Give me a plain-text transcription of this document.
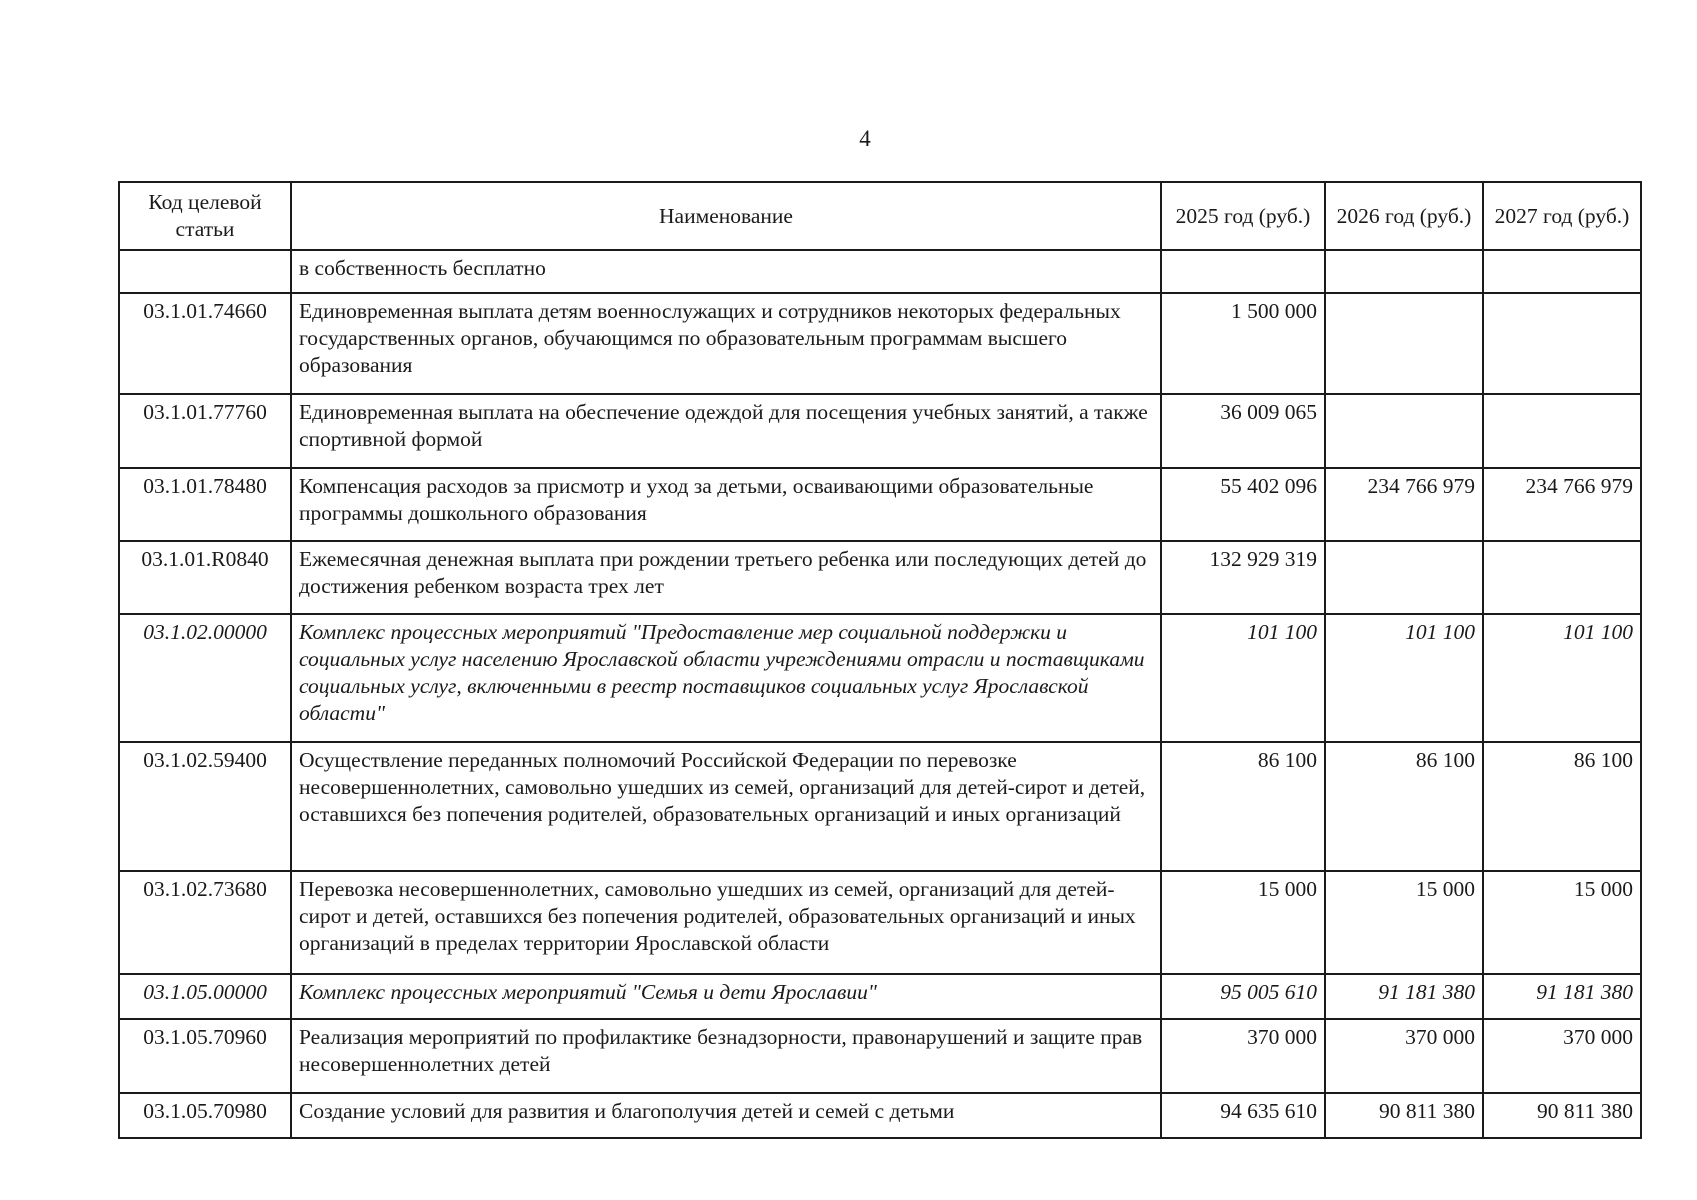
4
Код целевой статьи	Наименование	2025 год (руб.)	2026 год (руб.)	2027 год (руб.)
	в собственность бесплатно			
03.1.01.74660	Единовременная выплата детям военнослужащих и сотрудников некоторых федеральных государственных органов, обучающимся по образовательным программам высшего образования	1 500 000		
03.1.01.77760	Единовременная выплата на обеспечение одеждой для посещения учебных занятий, а также спортивной формой	36 009 065		
03.1.01.78480	Компенсация расходов за присмотр и уход за детьми, осваивающими образовательные программы дошкольного образования	55 402 096	234 766 979	234 766 979
03.1.01.R0840	Ежемесячная денежная выплата при рождении третьего ребенка или последующих детей до достижения ребенком возраста трех лет	132 929 319		
03.1.02.00000	Комплекс процессных мероприятий "Предоставление мер социальной поддержки и социальных услуг населению Ярославской области учреждениями отрасли и поставщиками социальных услуг, включенными в реестр поставщиков социальных услуг Ярославской области"	101 100	101 100	101 100
03.1.02.59400	Осуществление переданных полномочий Российской Федерации по перевозке несовершеннолетних, самовольно ушедших из семей, организаций для детей-сирот и детей, оставшихся без попечения родителей, образовательных организаций и иных организаций	86 100	86 100	86 100
03.1.02.73680	Перевозка несовершеннолетних, самовольно ушедших из семей, организаций для детей-сирот и детей, оставшихся без попечения родителей, образовательных организаций и иных организаций в пределах территории Ярославской области	15 000	15 000	15 000
03.1.05.00000	Комплекс процессных мероприятий "Семья и дети Ярославии"	95 005 610	91 181 380	91 181 380
03.1.05.70960	Реализация мероприятий по профилактике безнадзорности, правонарушений и защите прав несовершеннолетних детей	370 000	370 000	370 000
03.1.05.70980	Создание условий для развития и благополучия детей и семей с детьми	94 635 610	90 811 380	90 811 380
